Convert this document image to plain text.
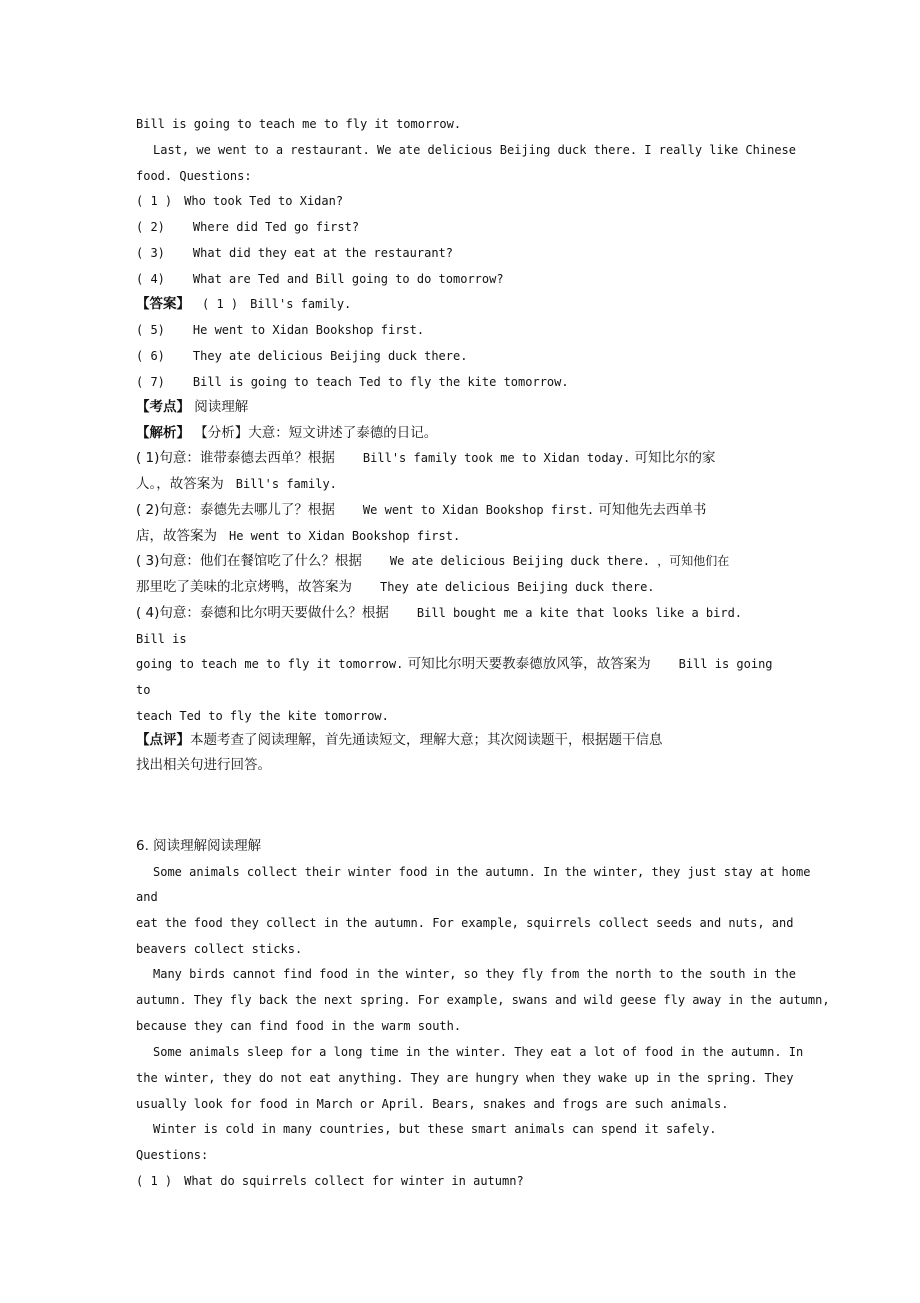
Bill is going to teach me to fly it tomorrow.
Last, we went to a restaurant. We ate delicious Beijing duck there. I really like Chinese
food. Questions:
( 1 ) Who took Ted to Xidan?
( 2) Where did Ted go first?
( 3) What did they eat at the restaurant?
( 4) What are Ted and Bill going to do tomorrow?
【答案】 ( 1 ) Bill's family.
( 5) He went to Xidan Bookshop first.
( 6) They ate delicious Beijing duck there.
( 7) Bill is going to teach Ted to fly the kite tomorrow.
【考点】 阅读理解
【解析】 【分析】大意：短文讲述了泰德的日记。
( 1)句意：谁带泰德去西单？根据 Bill's family took me to Xidan today. 可知比尔的家
人。，故答案为 Bill's family.
( 2)句意：泰德先去哪儿了？根据 We went to Xidan Bookshop first. 可知他先去西单书
店，故答案为 He went to Xidan Bookshop first.
( 3)句意：他们在餐馆吃了什么？根据 We ate delicious Beijing duck there. ，可知他们在
那里吃了美味的北京烤鸭，故答案为 They ate delicious Beijing duck there.
( 4)句意：泰德和比尔明天要做什么？根据 Bill bought me a kite that looks like a bird.
Bill is
going to teach me to fly it tomorrow. 可知比尔明天要教泰德放风筝，故答案为 Bill is going
to
teach Ted to fly the kite tomorrow.
【点评】本题考查了阅读理解，首先通读短文，理解大意；其次阅读题干，根据题干信息
找出相关句进行回答。
6. 阅读理解阅读理解
Some animals collect their winter food in the autumn. In the winter, they just stay at home
and
eat the food they collect in the autumn. For example, squirrels collect seeds and nuts, and
beavers collect sticks.
Many birds cannot find food in the winter, so they fly from the north to the south in the
autumn. They fly back the next spring. For example, swans and wild geese fly away in the autumn,
because they can find food in the warm south.
Some animals sleep for a long time in the winter. They eat a lot of food in the autumn. In
the winter, they do not eat anything. They are hungry when they wake up in the spring. They
usually look for food in March or April. Bears, snakes and frogs are such animals.
Winter is cold in many countries, but these smart animals can spend it safely.
Questions:
( 1 ) What do squirrels collect for winter in autumn?
